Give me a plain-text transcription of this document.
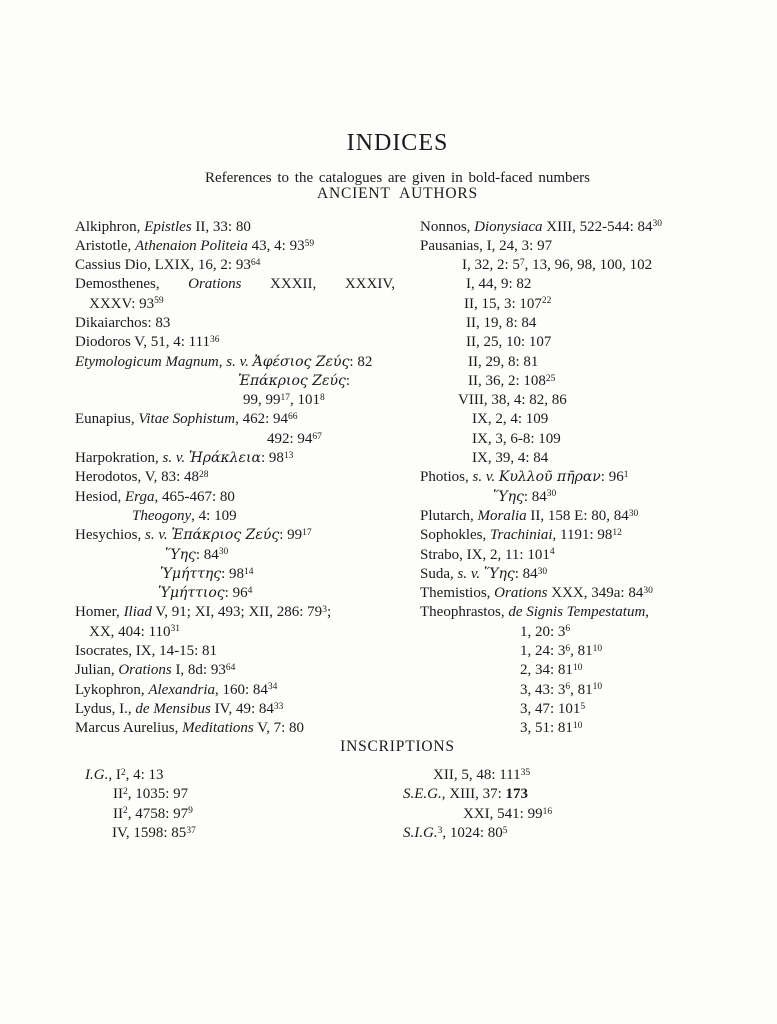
INDICES

References to the catalogues are given in bold-faced numbers

ANCIENT AUTHORS
Alkiphron, Epistles II, 33: 80
Aristotle, Athenaion Politeia 43, 4: $93^{59}$
Cassius Dio, LXIX, 16, 2: $93^{64}$
Demosthenes, Orations XXXII, XXXIV,
XXXV: $93^{59}$
Dikaiarchos: 83
Diodoros V, 51, 4: $111^{36}$
Etymologicum Magnum, s. v. Ἀφέσιος Ζεύς: 82
Ἐπάκριος Ζεύς:
99, $99^{17}$, $101^8$
Eunapius, Vitae Sophistum, 462: $94^{66}$
492: $94^{67}$
Harpokration, s. v. Ἡράκλεια: $98^{13}$
Herodotos, V, 83: $48^{28}$
Hesiod, Erga, 465-467: 80
Theogony, 4: 109
Hesychios, s. v. Ἐπάκριος Ζεύς: $99^{17}$
Ὕης: $84^{30}$
Ὑμήττης: $98^{14}$
Ὑμήττιος: $96^4$
Homer, Iliad V, 91; XI, 493; XII, 286: $79^3$;
XX, 404: $110^{31}$
Isocrates, IX, 14-15: 81
Julian, Orations I, 8d: $93^{64}$
Lykophron, Alexandria, 160: $84^{34}$
Lydus, I., de Mensibus IV, 49: $84^{33}$
Marcus Aurelius, Meditations V, 7: 80
Nonnos, Dionysiaca XIII, 522-544: $84^{30}$
Pausanias, I, 24, 3: 97
I, 32, 2: $5^7$, 13, 96, 98, 100, 102
I, 44, 9: 82
II, 15, 3: $107^{22}$
II, 19, 8: 84
II, 25, 10: 107
II, 29, 8: 81
II, 36, 2: $108^{25}$
VIII, 38, 4: 82, 86
IX, 2, 4: 109
IX, 3, 6-8: 109
IX, 39, 4: 84
Photios, s. v. Κυλλοῦ πῆραν: $96^1$
Ὕης: $84^{30}$
Plutarch, Moralia II, 158 E: 80, $84^{30}$
Sophokles, Trachiniai, 1191: $98^{12}$
Strabo, IX, 2, 11: $101^4$
Suda, s. v. Ὕης: $84^{30}$
Themistios, Orations XXX, 349a: $84^{30}$
Theophrastos, de Signis Tempestatum,
1, 20: $3^6$
1, 24: $3^6$, $81^{10}$
2, 34: $81^{10}$
3, 43: $3^6$, $81^{10}$
3, 47: $101^5$
3, 51: $81^{10}$
INSCRIPTIONS
I.G., $I^2$, 4: 13
$II^2$, 1035: 97
$II^2$, 4758: $97^9$
IV, 1598: $85^{37}$
XII, 5, 48: $111^{35}$
S.E.G., XIII, 37: 173
XXI, 541: $99^{16}$
S.I.G.$^3$, 1024: $80^5$
